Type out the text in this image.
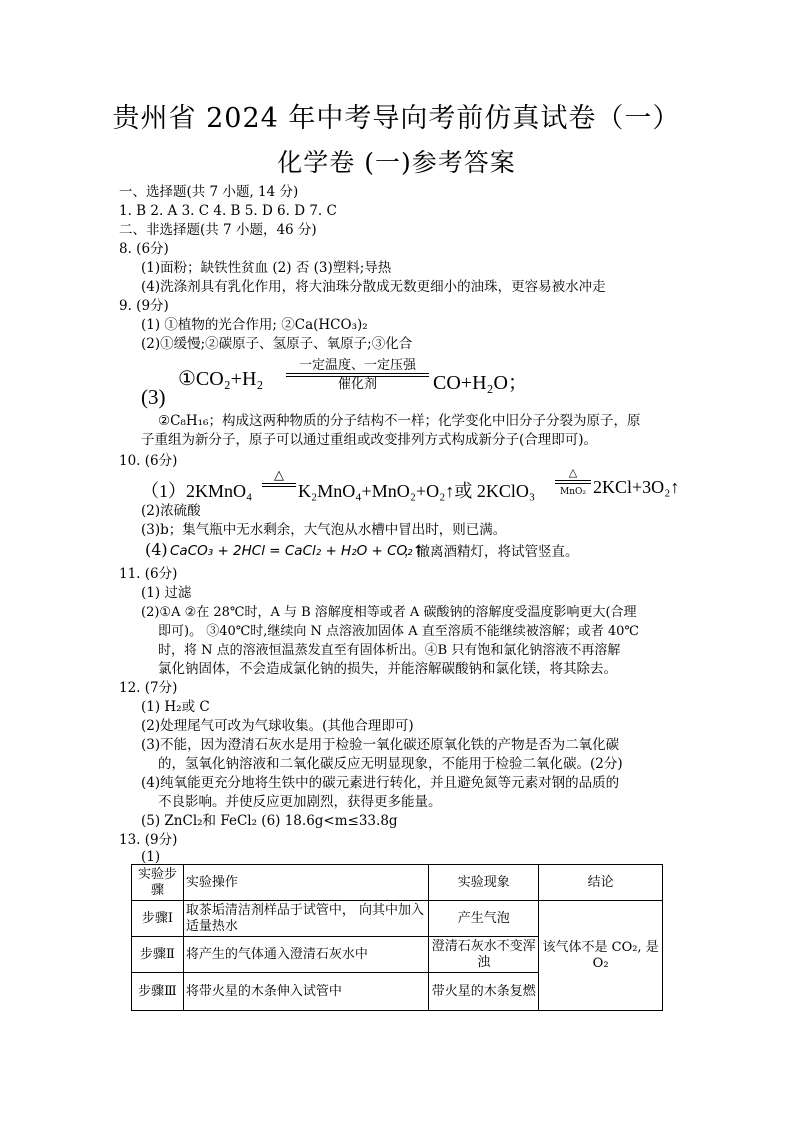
贵州省 2024 年中考导向考前仿真试卷（一）
化学卷 (一)参考答案
一、选择题(共 7 小题, 14 分)
1. B 2. A 3. C 4. B 5. D 6. D 7. C
二、非选择题(共 7 小题，46 分)
8. (6分)
(1)面粉；缺铁性贫血 (2) 否 (3)塑料;导热
(4)洗涤剂具有乳化作用，将大油珠分散成无数更细小的油珠，更容易被水冲走
9. (9分)
(1) ①植物的光合作用; ②Ca(HCO₃)₂
(2)①缓慢;②碳原子、氢原子、氧原子;③化合
(3)
①CO₂+H₂
一定温度、一定压强
催化剂	CO+H₂O；
②C₈H₁₆；构成这两种物质的分子结构不一样；化学变化中旧分子分裂为原子，原
子重组为新分子，原子可以通过重组或改变排列方式构成新分子(合理即可)。
10. (6分)
（1）2KMnO₄
△
K₂MnO₄+MnO₂+O₂↑或 2KClO₃
△
MnO₂ 2KCl+3O₂↑
(2)浓硫酸
(3)b；集气瓶中无水剩余，大气泡从水槽中冒出时，则已满。
(4) CaCO₃ + 2HCl = CaCl₂ + H₂O + CO₂↑
；撤离酒精灯，将试管竖直。
11. (6分)
(1) 过滤
(2)①A ②在 28℃时，A 与 B 溶解度相等或者 A 碳酸钠的溶解度受温度影响更大(合理
即可)。 ③40℃时,继续向 N 点溶液加固体 A 直至溶质不能继续被溶解；或者 40℃
时，将 N 点的溶液恒温蒸发直至有固体析出。④B 只有饱和氯化钠溶液不再溶解
氯化钠固体，不会造成氯化钠的损失，并能溶解碳酸钠和氯化镁，将其除去。
12. (7分)
(1) H₂或 C
(2)处理尾气可改为气球收集。(其他合理即可)
(3)不能，因为澄清石灰水是用于检验一氧化碳还原氧化铁的产物是否为二氧化碳
的，氢氧化钠溶液和二氧化碳反应无明显现象，不能用于检验二氧化碳。(2分)
(4)纯氧能更充分地将生铁中的碳元素进行转化，并且避免氮等元素对钢的品质的
不良影响。并使反应更加剧烈，获得更多能量。
(5) ZnCl₂和 FeCl₂ (6) 18.6g<m≤33.8g
13. (9分)
(1)
实验步骤	实验操作	实验现象	结论
步骤Ⅰ	取茶垢清洁剂样品于试管中， 向其中加入适量热水	产生气泡	该气体不是 CO₂, 是 O₂
步骤Ⅱ	将产生的气体通入澄清石灰水中	澄清石灰水不变浑浊	
步骤Ⅲ	将带火星的木条伸入试管中	带火星的木条复燃	
